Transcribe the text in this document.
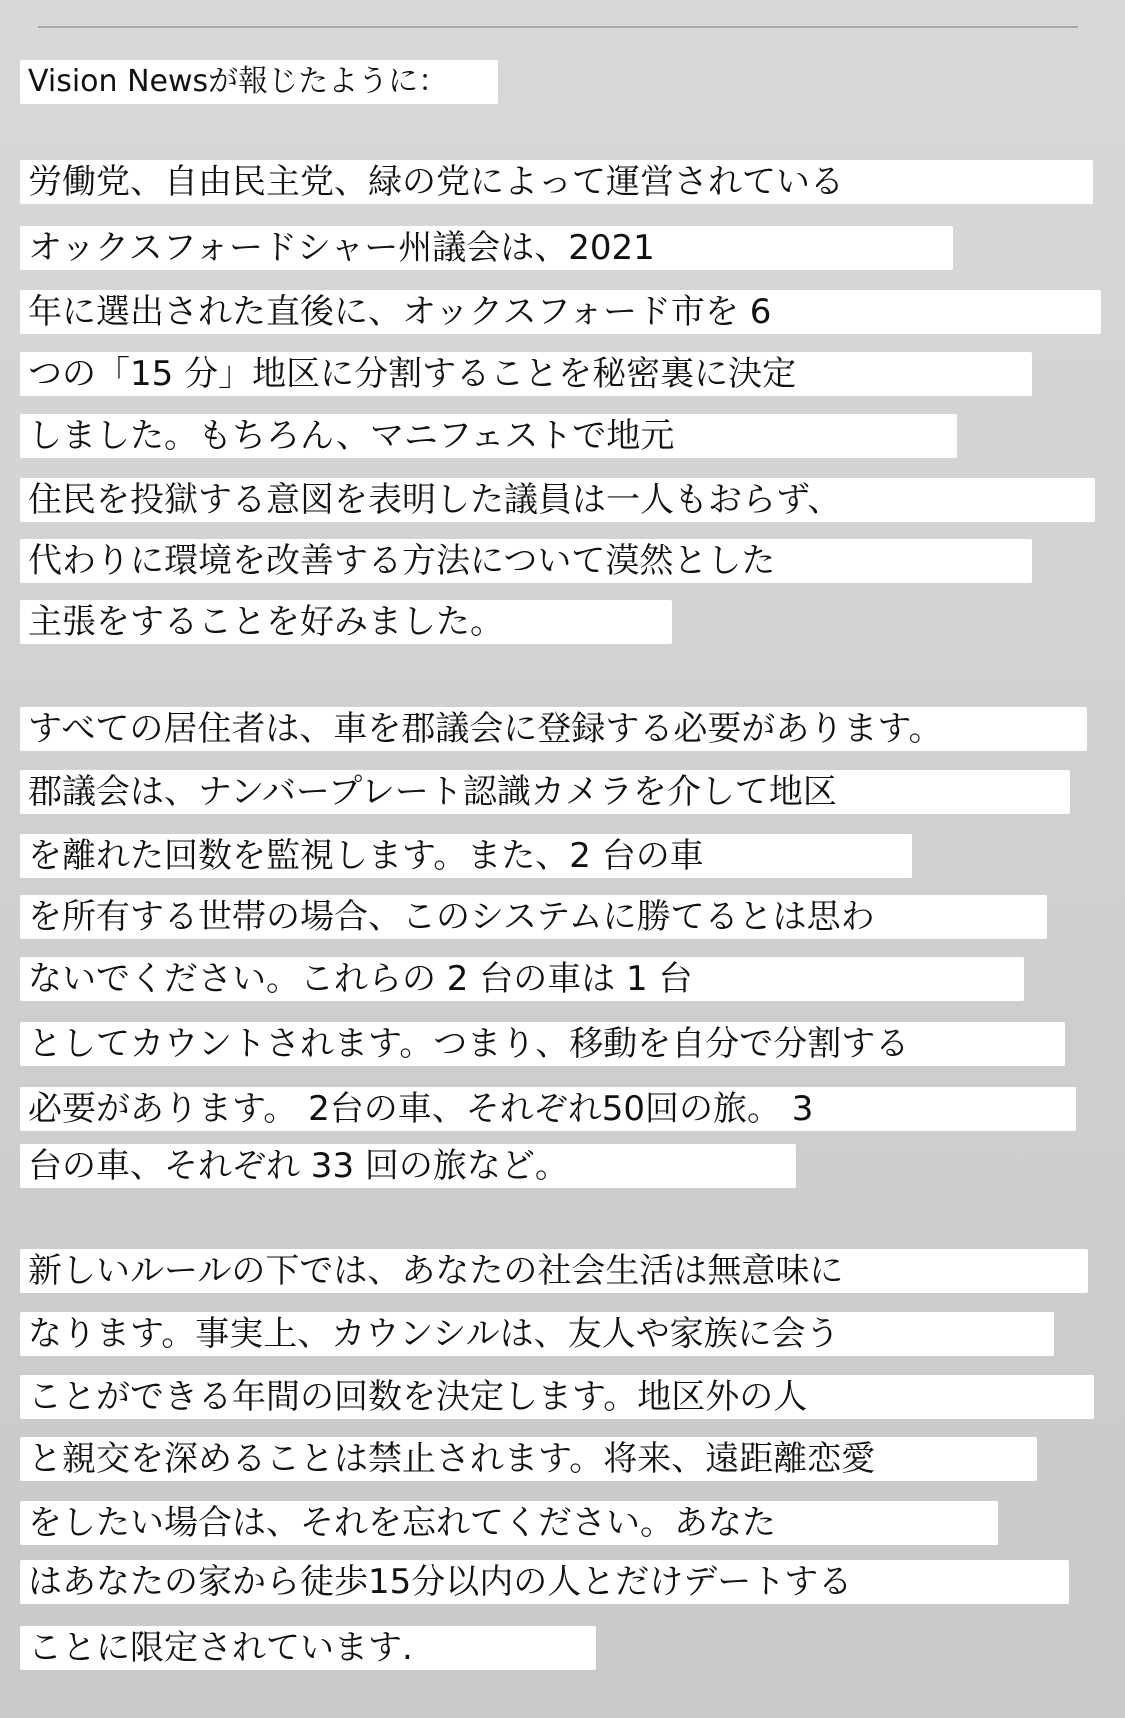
Vision Newsが報じたように：
労働党、自由民主党、緑の党によって運営されている
オックスフォードシャー州議会は、2021
年に選出された直後に、オックスフォード市を 6
つの「15 分」地区に分割することを秘密裏に決定
しました。もちろん、マニフェストで地元
住民を投獄する意図を表明した議員は一人もおらず、
代わりに環境を改善する方法について漠然とした
主張をすることを好みました。
すべての居住者は、車を郡議会に登録する必要があります。
郡議会は、ナンバープレート認識カメラを介して地区
を離れた回数を監視します。また、2 台の車
を所有する世帯の場合、このシステムに勝てるとは思わ
ないでください。これらの 2 台の車は 1 台
としてカウントされます。つまり、移動を自分で分割する
必要があります。 2台の車、それぞれ50回の旅。 3
台の車、それぞれ 33 回の旅など。
新しいルールの下では、あなたの社会生活は無意味に
なります。事実上、カウンシルは、友人や家族に会う
ことができる年間の回数を決定します。地区外の人
と親交を深めることは禁止されます。将来、遠距離恋愛
をしたい場合は、それを忘れてください。あなた
はあなたの家から徒歩15分以内の人とだけデートする
ことに限定されています.
